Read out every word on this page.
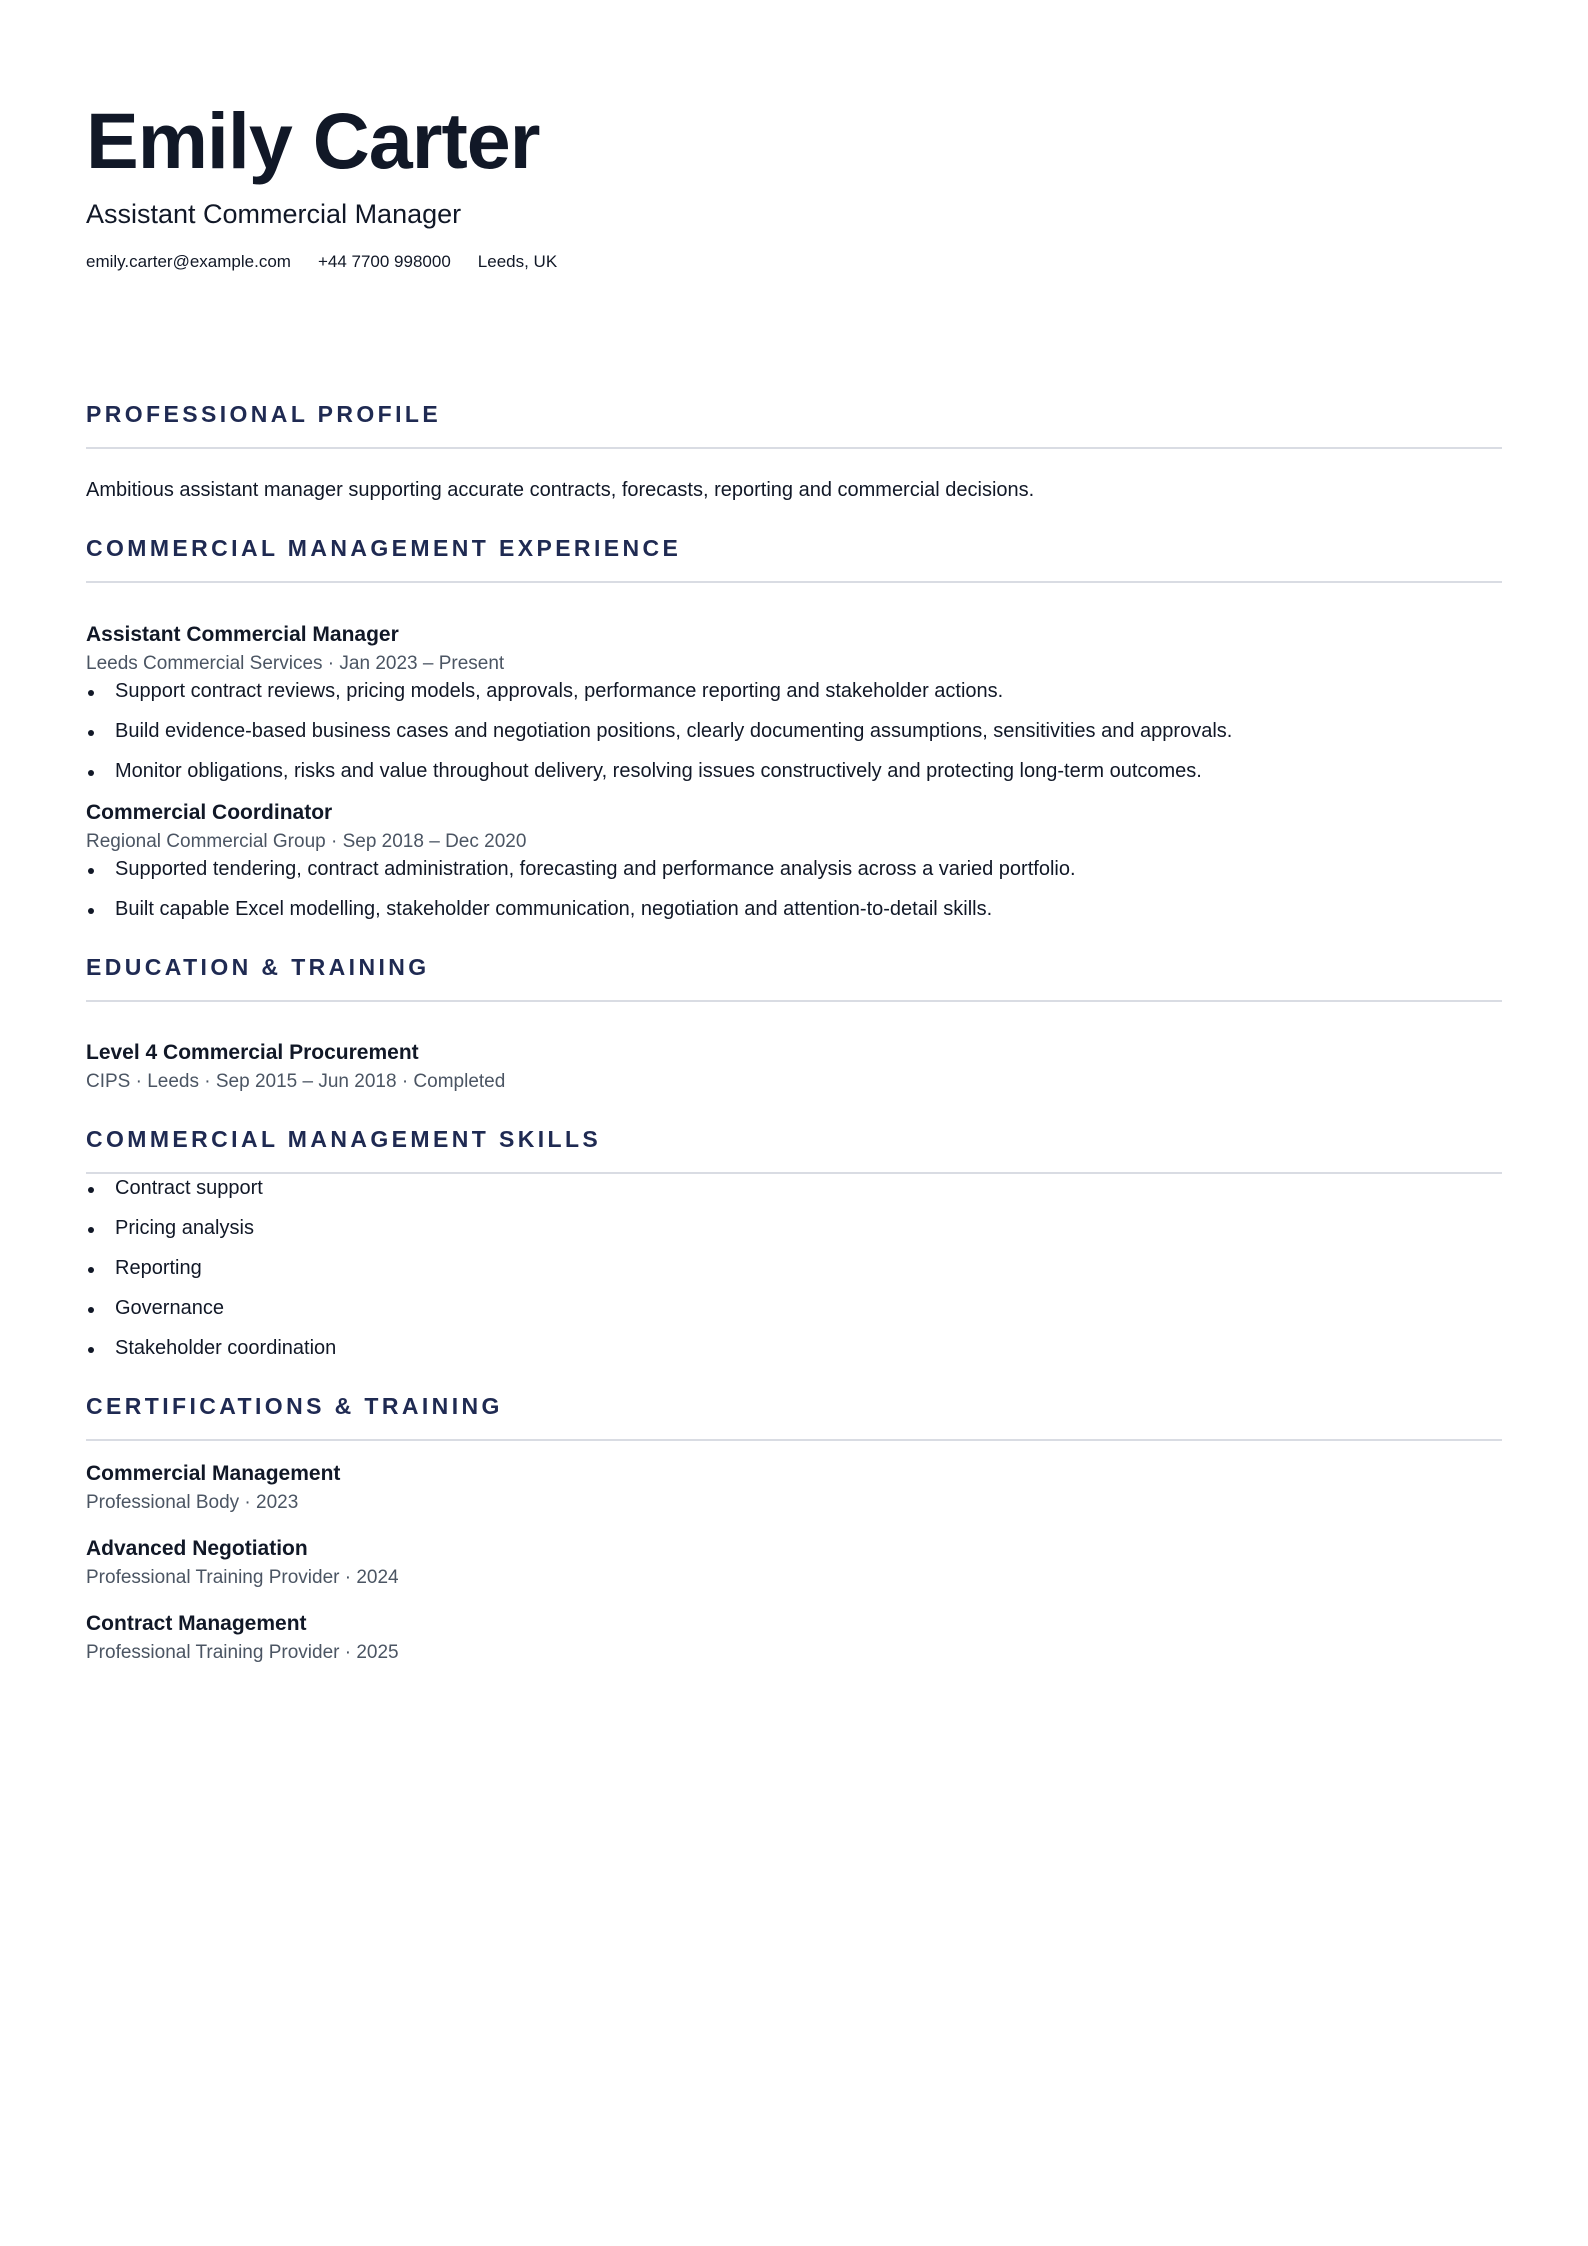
Emily Carter
Assistant Commercial Manager
emily.carter@example.com +44 7700 998000 Leeds, UK
PROFESSIONAL PROFILE
Ambitious assistant manager supporting accurate contracts, forecasts, reporting and commercial decisions.
COMMERCIAL MANAGEMENT EXPERIENCE
Assistant Commercial Manager
Leeds Commercial Services · Jan 2023 – Present
Support contract reviews, pricing models, approvals, performance reporting and stakeholder actions.
Build evidence-based business cases and negotiation positions, clearly documenting assumptions, sensitivities and approvals.
Monitor obligations, risks and value throughout delivery, resolving issues constructively and protecting long-term outcomes.
Commercial Coordinator
Regional Commercial Group · Sep 2018 – Dec 2020
Supported tendering, contract administration, forecasting and performance analysis across a varied portfolio.
Built capable Excel modelling, stakeholder communication, negotiation and attention-to-detail skills.
EDUCATION & TRAINING
Level 4 Commercial Procurement
CIPS · Leeds · Sep 2015 – Jun 2018 · Completed
COMMERCIAL MANAGEMENT SKILLS
Contract support
Pricing analysis
Reporting
Governance
Stakeholder coordination
CERTIFICATIONS & TRAINING
Commercial Management
Professional Body · 2023
Advanced Negotiation
Professional Training Provider · 2024
Contract Management
Professional Training Provider · 2025
